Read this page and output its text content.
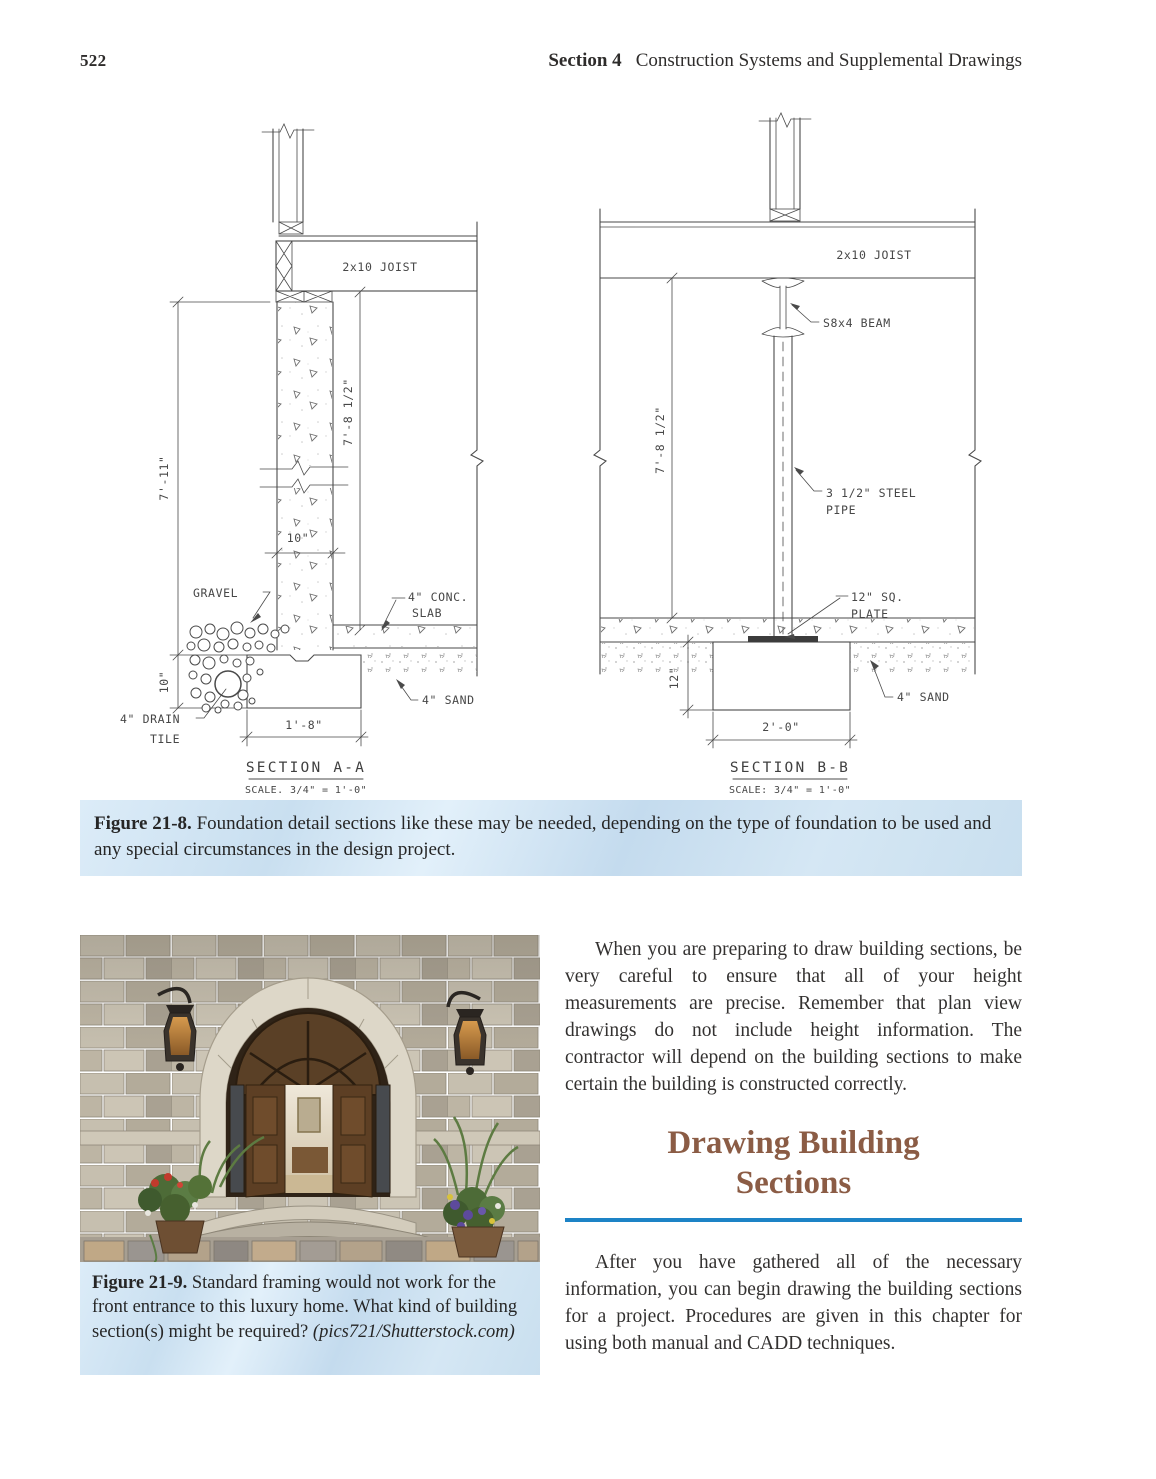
522	Section 4 Construction Systems and Supplemental Drawings
2x10 JOIST
10"
7'-11"
10"
7'-8 1/2"
GRAVEL	4" CONC.
SLAB
4" DRAIN
TILE
4" SAND
1'-8"
SECTION A-A
SCALE. 3/4" = 1'-0"
2x10 JOIST
S8x4 BEAM
3 1/2" STEEL
PIPE
7'-8 1/2"
12" SQ.
PLATE
12"
4" SAND
2'-0"
SECTION B-B
SCALE: 3/4" = 1'-0"
Figure 21-8. Foundation detail sections like these may be needed, depending on the type of foundation to be used and any special circumstances in the design project.
Figure 21-9. Standard framing would not work for the front entrance to this luxury home. What kind of building section(s) might be required? (pics721/Shutterstock.com)

When you are preparing to draw building sections, be very careful to ensure that all of your height measurements are precise. Remember that plan view drawings do not include height information. The contractor will depend on the building sections to make certain the building is constructed correctly.

Drawing Building
Sections

After you have gathered all of the necessary information, you can begin drawing the building sections for a project. Procedures are given in this chapter for using both manual and CADD techniques.
